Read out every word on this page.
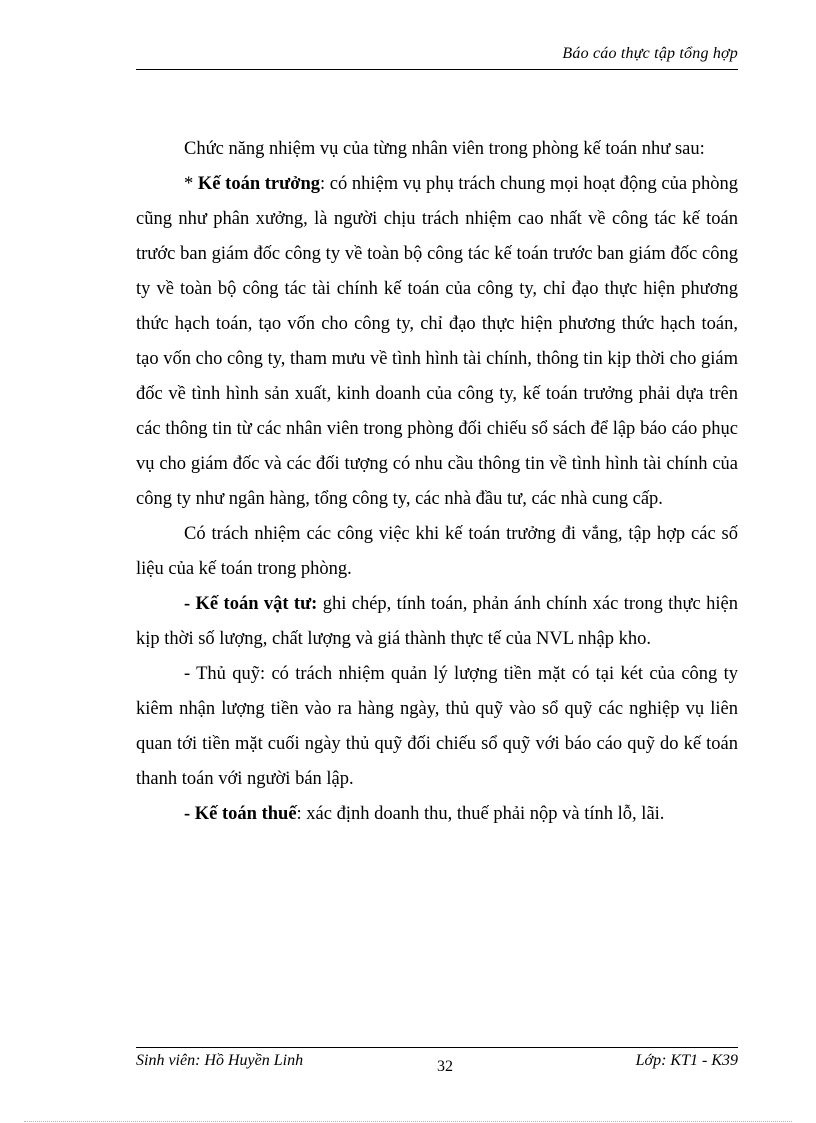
Báo cáo thực tập tổng hợp

Chức năng nhiệm vụ của từng nhân viên trong phòng kế toán như sau:

* Kế toán trưởng: có nhiệm vụ phụ trách chung mọi hoạt động của phòng cũng như phân xưởng, là người chịu trách nhiệm cao nhất về công tác kế toán trước ban giám đốc công ty về toàn bộ công tác kế toán trước ban giám đốc công ty về toàn bộ công tác tài chính kế toán của công ty, chỉ đạo thực hiện phương thức hạch toán, tạo vốn cho công ty, chỉ đạo thực hiện phương thức hạch toán, tạo vốn cho công ty, tham mưu về tình hình tài chính, thông tin kịp thời cho giám đốc về tình hình sản xuất, kinh doanh của công ty, kế toán trưởng phải dựa trên các thông tin từ các nhân viên trong phòng đối chiếu sổ sách để lập báo cáo phục vụ cho giám đốc và các đối tượng có nhu cầu thông tin về tình hình tài chính của công ty như ngân hàng, tổng công ty, các nhà đầu tư, các nhà cung cấp.

Có trách nhiệm các công việc khi kế toán trưởng đi vắng, tập hợp các số liệu của kế toán trong phòng.

- Kế toán vật tư: ghi chép, tính toán, phản ánh chính xác trong thực hiện kịp thời số lượng, chất lượng và giá thành thực tế của NVL nhập kho.

- Thủ quỹ: có trách nhiệm quản lý lượng tiền mặt có tại két của công ty kiêm nhận lượng tiền vào ra hàng ngày, thủ quỹ vào sổ quỹ các nghiệp vụ liên quan tới tiền mặt cuối ngày thủ quỹ đối chiếu sổ quỹ với báo cáo quỹ do kế toán thanh toán với người bán lập.

- Kế toán thuế: xác định doanh thu, thuế phải nộp và tính lỗ, lãi.

Sinh viên: Hồ Huyền Linh	32	Lớp: KT1 - K39
